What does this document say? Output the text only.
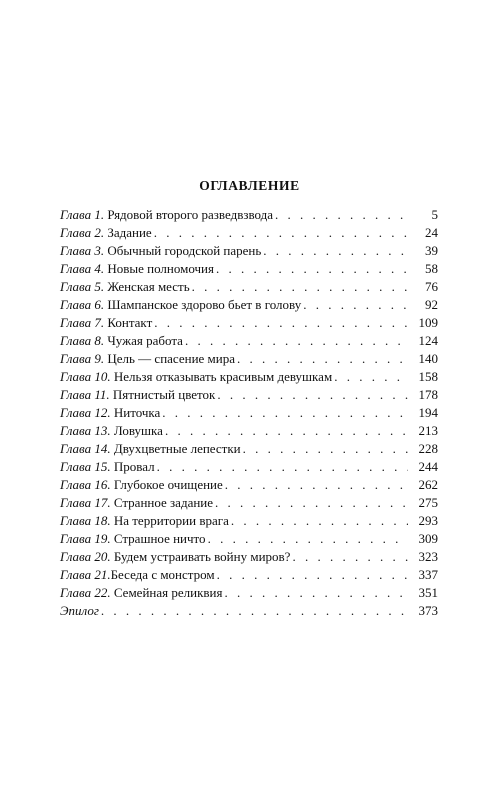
ОГЛАВЛЕНИЕ
Глава 1. Рядовой второго разведвзвода . . .	5
Глава 2. Задание . . .	24
Глава 3. Обычный городской парень . . .	39
Глава 4. Новые полномочия . . .	58
Глава 5. Женская месть . . .	76
Глава 6. Шампанское здорово бьет в голову . . .	92
Глава 7. Контакт . . .	109
Глава 8. Чужая работа . . .	124
Глава 9. Цель — спасение мира . . .	140
Глава 10. Нельзя отказывать красивым девушкам . . .	158
Глава 11. Пятнистый цветок . . .	178
Глава 12. Ниточка . . .	194
Глава 13. Ловушка . . .	213
Глава 14. Двухцветные лепестки . . .	228
Глава 15. Провал . . .	244
Глава 16. Глубокое очищение . . .	262
Глава 17. Странное задание . . .	275
Глава 18. На территории врага . . .	293
Глава 19. Страшное ничто . . .	309
Глава 20. Будем устраивать войну миров? . . .	323
Глава 21.Беседа с монстром . . .	337
Глава 22. Семейная реликвия . . .	351
Эпилог . . .	373
